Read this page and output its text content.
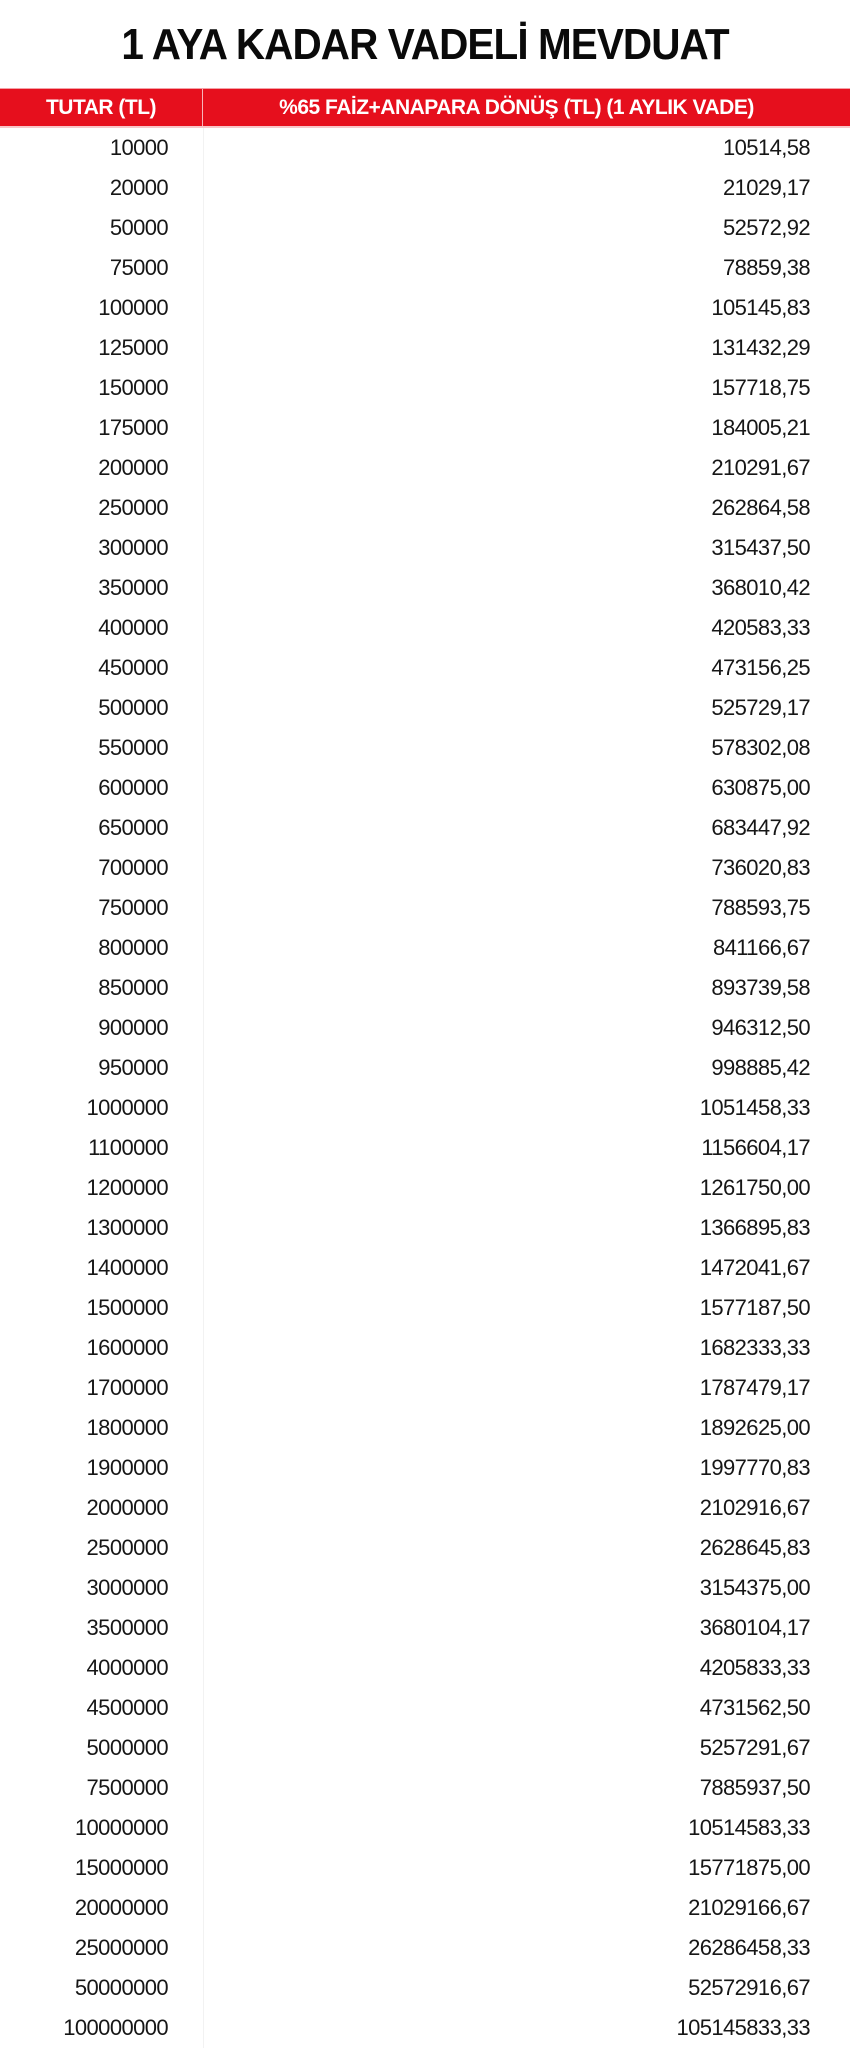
1 AYA KADAR VADELİ MEVDUAT
TUTAR (TL)	%65 FAİZ+ANAPARA DÖNÜŞ (TL) (1 AYLIK VADE)
10000	10514,58
20000	21029,17
50000	52572,92
75000	78859,38
100000	105145,83
125000	131432,29
150000	157718,75
175000	184005,21
200000	210291,67
250000	262864,58
300000	315437,50
350000	368010,42
400000	420583,33
450000	473156,25
500000	525729,17
550000	578302,08
600000	630875,00
650000	683447,92
700000	736020,83
750000	788593,75
800000	841166,67
850000	893739,58
900000	946312,50
950000	998885,42
1000000	1051458,33
1100000	1156604,17
1200000	1261750,00
1300000	1366895,83
1400000	1472041,67
1500000	1577187,50
1600000	1682333,33
1700000	1787479,17
1800000	1892625,00
1900000	1997770,83
2000000	2102916,67
2500000	2628645,83
3000000	3154375,00
3500000	3680104,17
4000000	4205833,33
4500000	4731562,50
5000000	5257291,67
7500000	7885937,50
10000000	10514583,33
15000000	15771875,00
20000000	21029166,67
25000000	26286458,33
50000000	52572916,67
100000000	105145833,33
